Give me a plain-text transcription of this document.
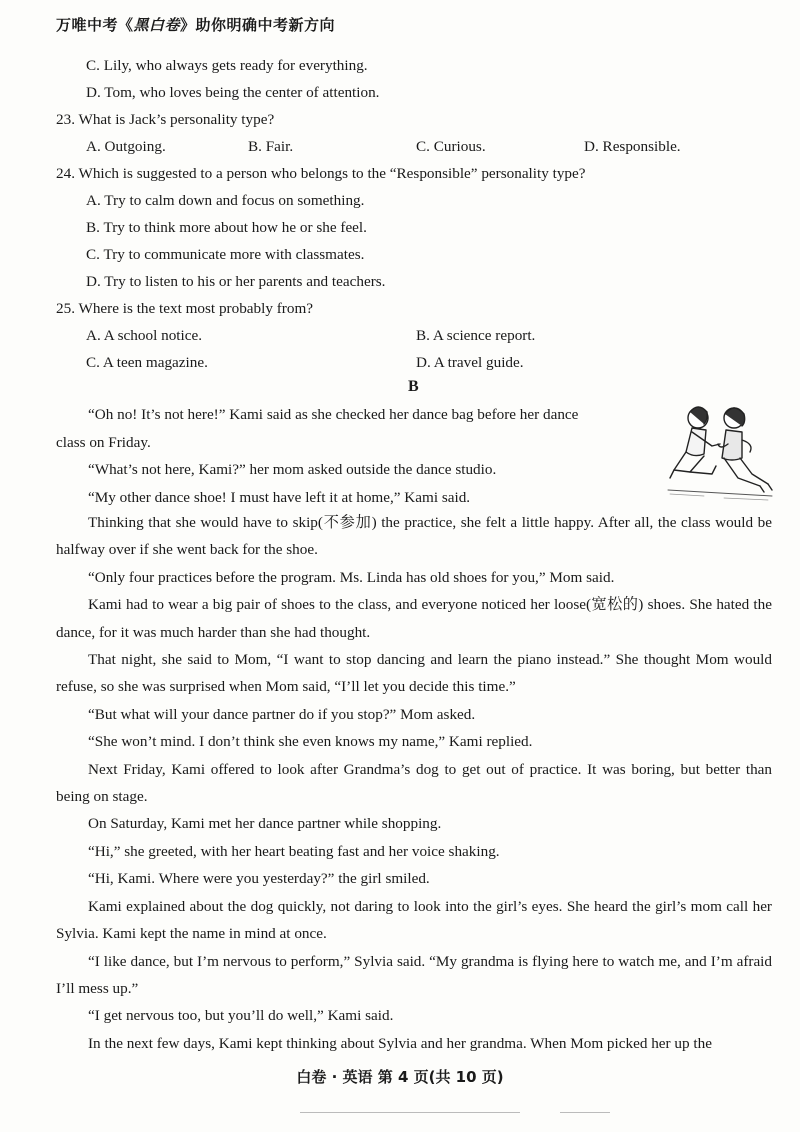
万唯中考《黑白卷》助你明确中考新方向
C. Lily, who always gets ready for everything.
D. Tom, who loves being the center of attention.
23. What is Jack’s personality type?
A. Outgoing.	B. Fair.	C. Curious.	D. Responsible.
24. Which is suggested to a person who belongs to the “Responsible” personality type?
A. Try to calm down and focus on something.
B. Try to think more about how he or she feel.
C. Try to communicate more with classmates.
D. Try to listen to his or her parents and teachers.
25. Where is the text most probably from?
A. A school notice.	B. A science report.
C. A teen magazine.	D. A travel guide.
B
“Oh no! It’s not here!” Kami said as she checked her dance bag before her dance
class on Friday.
“What’s not here, Kami?” her mom asked outside the dance studio.
“My other dance shoe! I must have left it at home,” Kami said.

Thinking that she would have to skip(不参加) the practice, she felt a little happy. After all, the class would be halfway over if she went back for the shoe.

“Only four practices before the program. Ms. Linda has old shoes for you,” Mom said.

Kami had to wear a big pair of shoes to the class, and everyone noticed her loose(宽松的) shoes. She hated the dance, for it was much harder than she had thought.

That night, she said to Mom, “I want to stop dancing and learn the piano instead.” She thought Mom would refuse, so she was surprised when Mom said, “I’ll let you decide this time.”

“But what will your dance partner do if you stop?” Mom asked.

“She won’t mind. I don’t think she even knows my name,” Kami replied.

Next Friday, Kami offered to look after Grandma’s dog to get out of practice. It was boring, but better than being on stage.

On Saturday, Kami met her dance partner while shopping.

“Hi,” she greeted, with her heart beating fast and her voice shaking.

“Hi, Kami. Where were you yesterday?” the girl smiled.

Kami explained about the dog quickly, not daring to look into the girl’s eyes. She heard the girl’s mom call her Sylvia. Kami kept the name in mind at once.

“I like dance, but I’m nervous to perform,” Sylvia said. “My grandma is flying here to watch me, and I’m afraid I’ll mess up.”

“I get nervous too, but you’ll do well,” Kami said.

In the next few days, Kami kept thinking about Sylvia and her grandma. When Mom picked her up the

白卷 · 英语 第 4 页(共 10 页)
